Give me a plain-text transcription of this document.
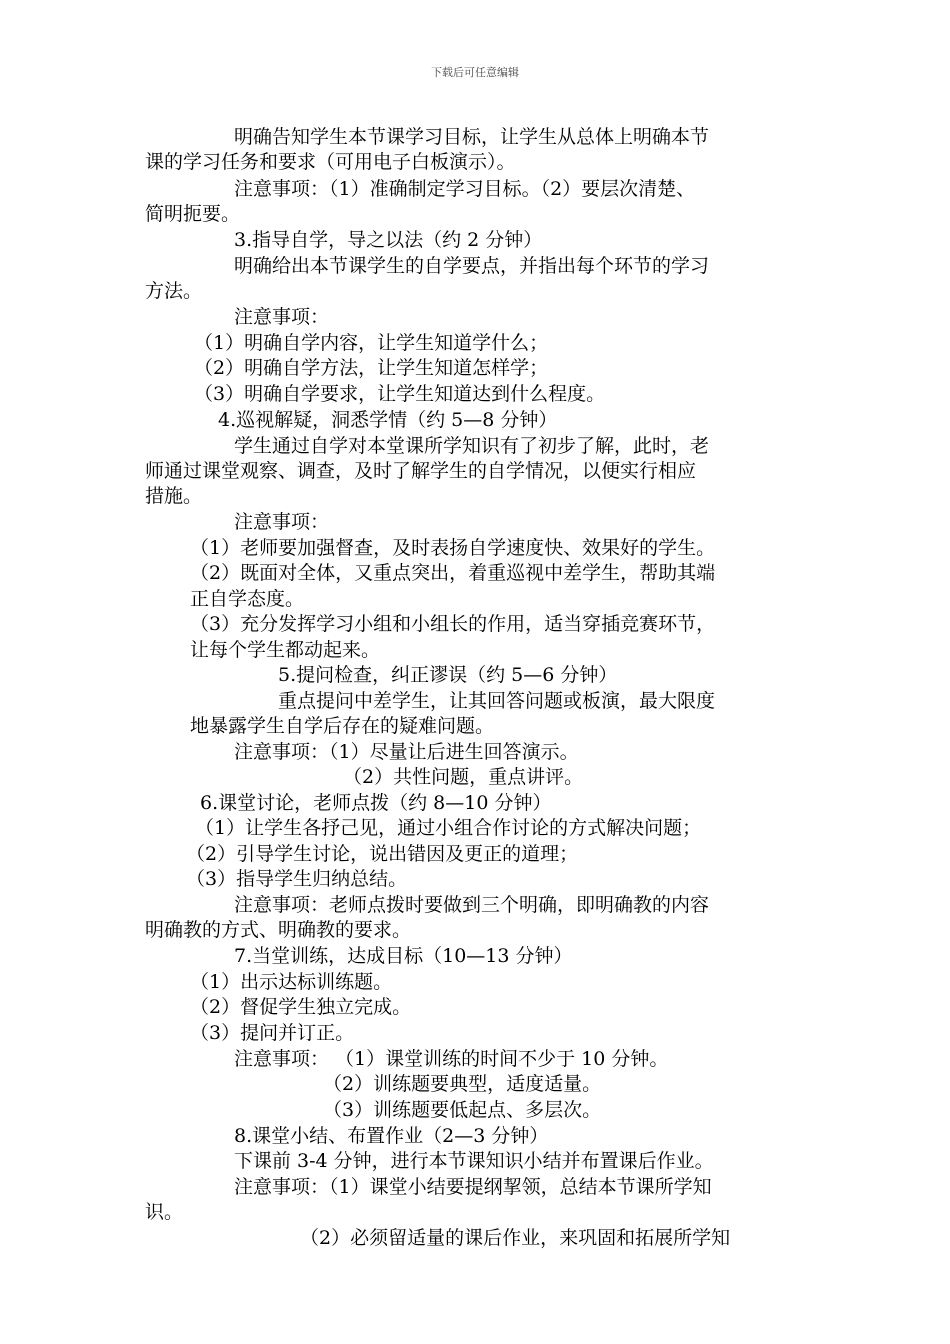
下载后可任意编辑
明确告知学生本节课学习目标，让学生从总体上明确本节
课的学习任务和要求（可用电子白板演示）。
注意事项：（1）准确制定学习目标。（2）要层次清楚、
简明扼要。
3.指导自学，导之以法（约 2 分钟）
明确给出本节课学生的自学要点，并指出每个环节的学习
方法。
注意事项：
（1）明确自学内容，让学生知道学什么；
（2）明确自学方法，让学生知道怎样学；
（3）明确自学要求，让学生知道达到什么程度。
4.巡视解疑，洞悉学情（约 5—8 分钟）
学生通过自学对本堂课所学知识有了初步了解，此时，老
师通过课堂观察、调查，及时了解学生的自学情况，以便实行相应
措施。
注意事项：
（1）老师要加强督查，及时表扬自学速度快、效果好的学生。
（2）既面对全体，又重点突出，着重巡视中差学生，帮助其端
正自学态度。
（3）充分发挥学习小组和小组长的作用，适当穿插竞赛环节，
让每个学生都动起来。
5.提问检查，纠正谬误（约 5—6 分钟）
重点提问中差学生，让其回答问题或板演，最大限度
地暴露学生自学后存在的疑难问题。
注意事项：（1）尽量让后进生回答演示。
（2）共性问题，重点讲评。
6.课堂讨论，老师点拨（约 8—10 分钟）
（1）让学生各抒己见，通过小组合作讨论的方式解决问题；
（2）引导学生讨论，说出错因及更正的道理；
（3）指导学生归纳总结。
注意事项：老师点拨时要做到三个明确，即明确教的内容
明确教的方式、明确教的要求。
7.当堂训练，达成目标（10—13 分钟）
（1）出示达标训练题。
（2）督促学生独立完成。
（3）提问并订正。
注意事项： （1）课堂训练的时间不少于 10 分钟。
（2）训练题要典型，适度适量。
（3）训练题要低起点、多层次。
8.课堂小结、布置作业（2—3 分钟）
下课前 3-4 分钟，进行本节课知识小结并布置课后作业。
注意事项：（1）课堂小结要提纲挈领，总结本节课所学知
识。
（2）必须留适量的课后作业，来巩固和拓展所学知
